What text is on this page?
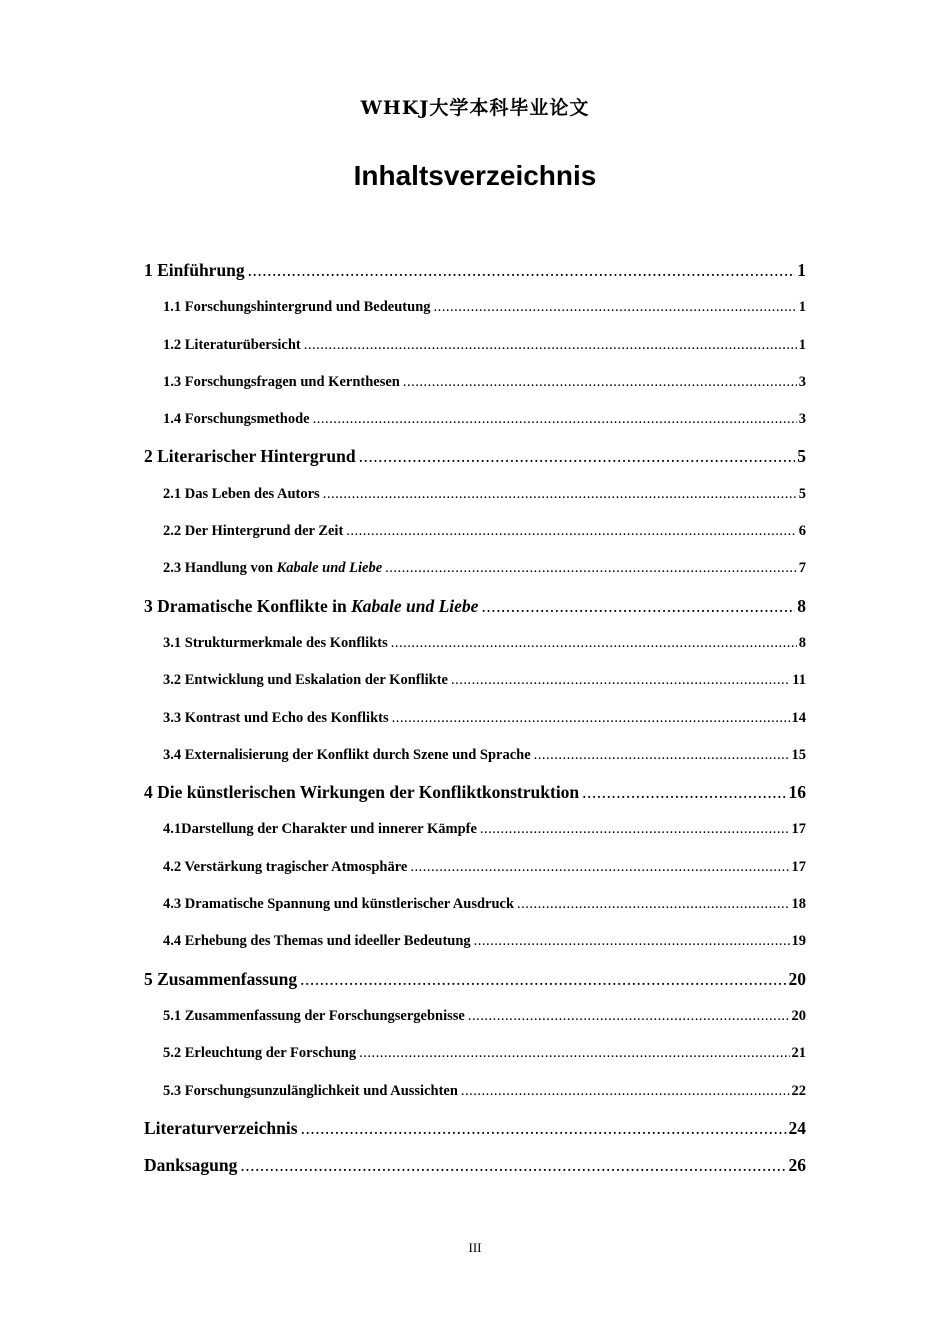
WHKJ大学本科毕业论文
Inhaltsverzeichnis
1 Einführung .....	1
1.1 Forschungshintergrund und Bedeutung .....	1
1.2 Literaturübersicht .....	1
1.3 Forschungsfragen und Kernthesen .....	3
1.4 Forschungsmethode .....	3
2 Literarischer Hintergrund .....	5
2.1 Das Leben des Autors .....	5
2.2 Der Hintergrund der Zeit .....	6
2.3 Handlung von Kabale und Liebe .....	7
3 Dramatische Konflikte in Kabale und Liebe .....	8
3.1 Strukturmerkmale des Konflikts .....	8
3.2 Entwicklung und Eskalation der Konflikte .....	11
3.3 Kontrast und Echo des Konflikts .....	14
3.4 Externalisierung der Konflikt durch Szene und Sprache .....	15
4 Die künstlerischen Wirkungen der Konfliktkonstruktion .....	16
4.1Darstellung der Charakter und innerer Kämpfe .....	17
4.2 Verstärkung tragischer Atmosphäre .....	17
4.3 Dramatische Spannung und künstlerischer Ausdruck .....	18
4.4 Erhebung des Themas und ideeller Bedeutung .....	19
5 Zusammenfassung .....	20
5.1 Zusammenfassung der Forschungsergebnisse .....	20
5.2 Erleuchtung der Forschung .....	21
5.3 Forschungsunzulänglichkeit und Aussichten .....	22
Literaturverzeichnis .....	24
Danksagung .....	26
III
